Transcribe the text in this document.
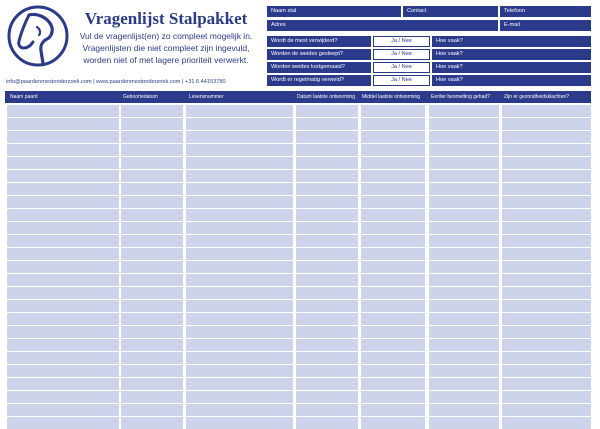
Vragenlijst Stalpakket
Vul de vragenlijst(en) zo compleet mogelijk in.
Vragenlijsten die niet compleet zijn ingevuld,
worden niet of met lagere prioriteit verwerkt.
info@paardenmestonderzoek.com | www.paardenmestonderzoek.com | +31 6 44153780
Naam stal	Contact	Telefoon
Adres	E-mail
Wordt de mest verwijderd?	Ja / Nee	Hoe vaak?
Worden de weides gesleept?	Ja / Nee	Hoe vaak?
Worden weides kortgemaaid?	Ja / Nee	Hoe vaak?
Wordt er regelmatig verweid?	Ja / Nee	Hoe vaak?
Naam paard	Geboortedatum	Levensnummer	Datum laatste ontworming	Middel laatste ontworming	Eerder besmetting gehad?	Zijn er gezondheidsklachten?
